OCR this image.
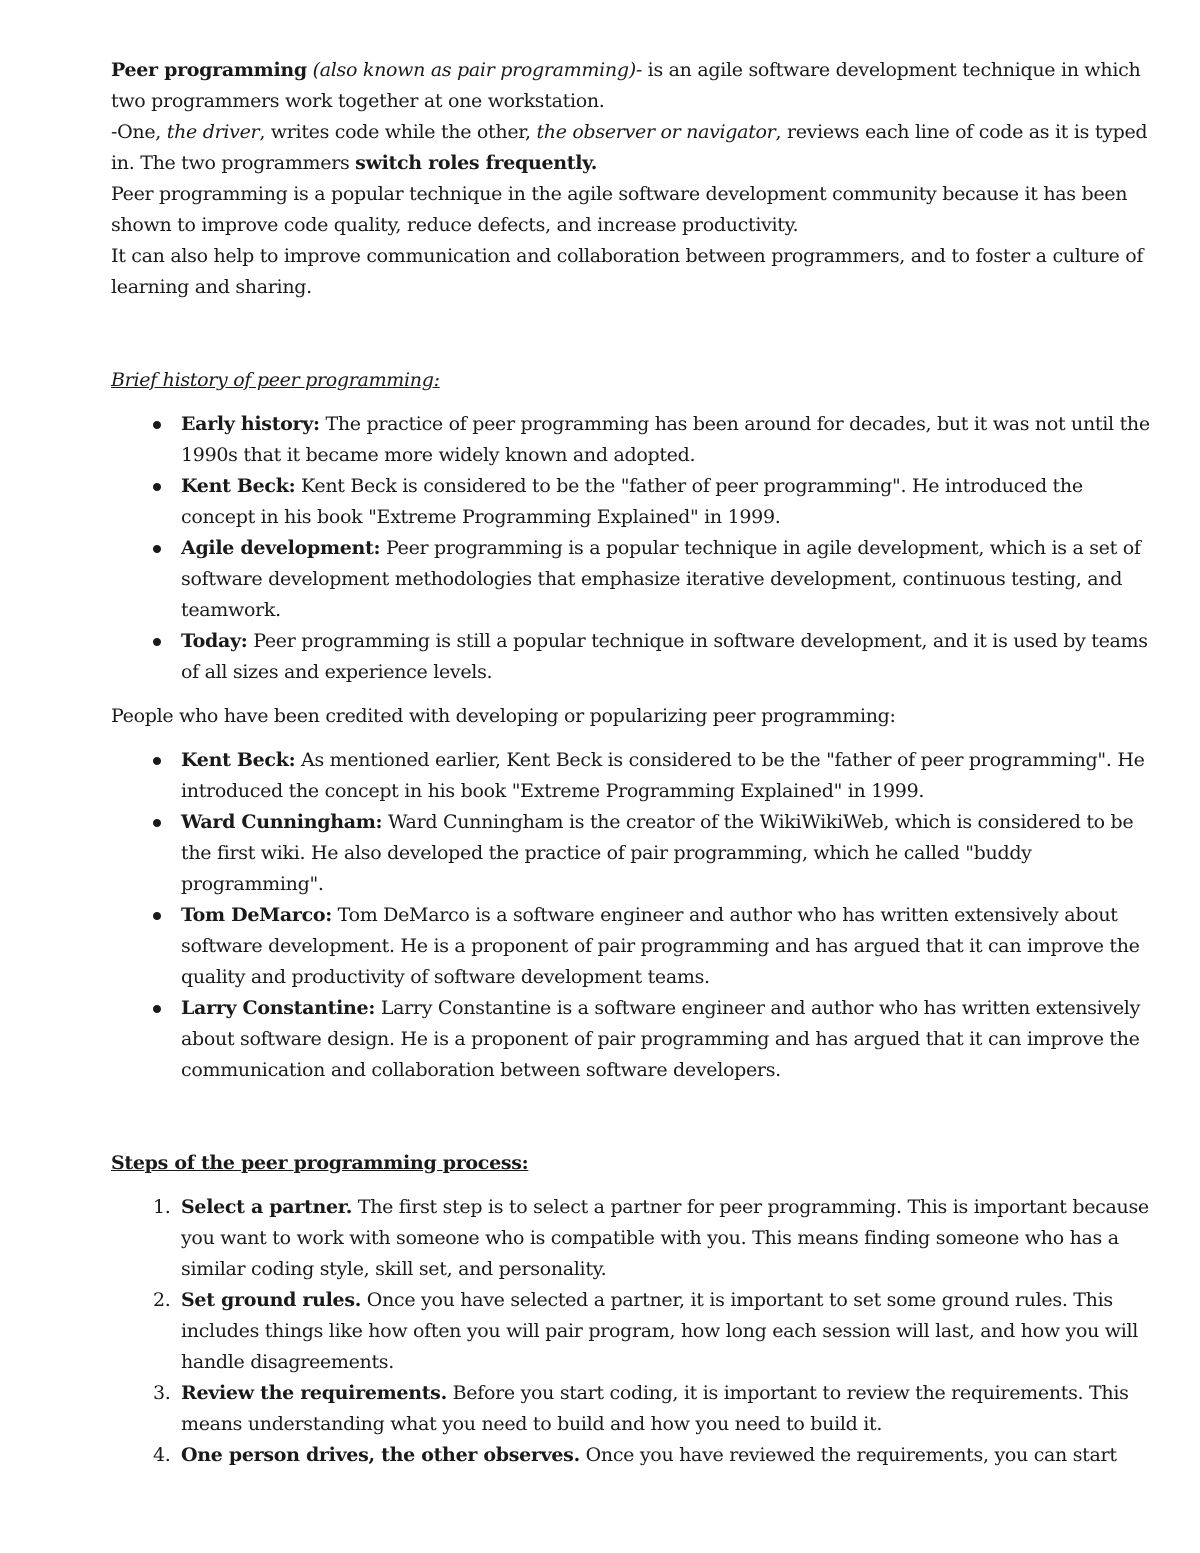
Peer programming (also known as pair programming)- is an agile software development technique in which two programmers work together at one workstation.

-One, the driver, writes code while the other, the observer or navigator, reviews each line of code as it is typed in. The two programmers switch roles frequently.

Peer programming is a popular technique in the agile software development community because it has been shown to improve code quality, reduce defects, and increase productivity.

It can also help to improve communication and collaboration between programmers, and to foster a culture of learning and sharing.

Brief history of peer programming:

Early history: The practice of peer programming has been around for decades, but it was not until the 1990s that it became more widely known and adopted.
Kent Beck: Kent Beck is considered to be the "father of peer programming". He introduced the concept in his book "Extreme Programming Explained" in 1999.
Agile development: Peer programming is a popular technique in agile development, which is a set of software development methodologies that emphasize iterative development, continuous testing, and teamwork.
Today: Peer programming is still a popular technique in software development, and it is used by teams of all sizes and experience levels.

People who have been credited with developing or popularizing peer programming:

Kent Beck: As mentioned earlier, Kent Beck is considered to be the "father of peer programming". He introduced the concept in his book "Extreme Programming Explained" in 1999.
Ward Cunningham: Ward Cunningham is the creator of the WikiWikiWeb, which is considered to be the first wiki. He also developed the practice of pair programming, which he called "buddy programming".
Tom DeMarco: Tom DeMarco is a software engineer and author who has written extensively about software development. He is a proponent of pair programming and has argued that it can improve the quality and productivity of software development teams.
Larry Constantine: Larry Constantine is a software engineer and author who has written extensively about software design. He is a proponent of pair programming and has argued that it can improve the communication and collaboration between software developers.

Steps of the peer programming process:

1. Select a partner. The first step is to select a partner for peer programming. This is important because you want to work with someone who is compatible with you. This means finding someone who has a similar coding style, skill set, and personality.
2. Set ground rules. Once you have selected a partner, it is important to set some ground rules. This includes things like how often you will pair program, how long each session will last, and how you will handle disagreements.
3. Review the requirements. Before you start coding, it is important to review the requirements. This means understanding what you need to build and how you need to build it.
4. One person drives, the other observes. Once you have reviewed the requirements, you can start
